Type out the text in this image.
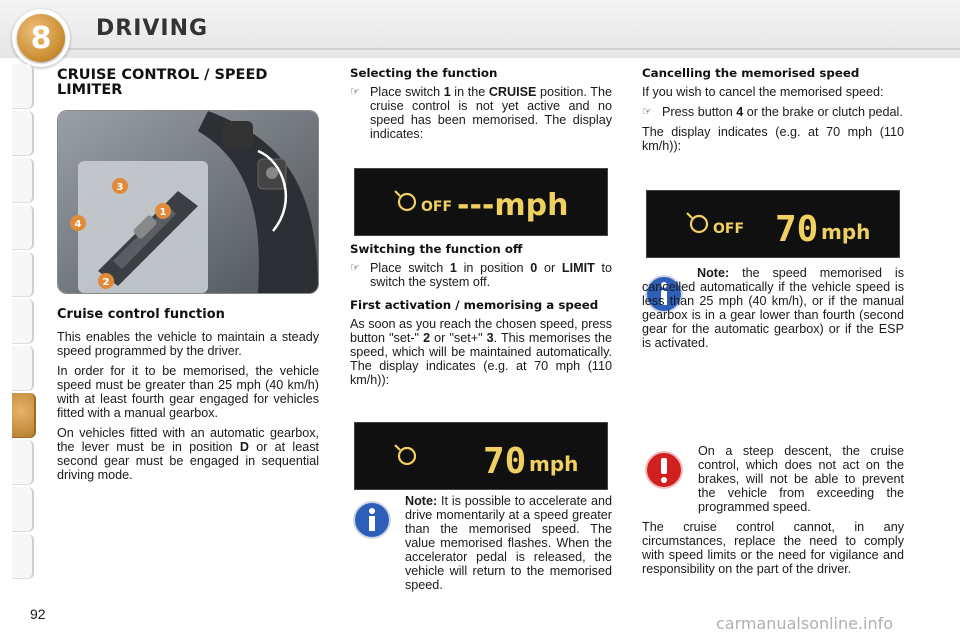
8	DRIVING
CRUISE CONTROL / SPEED LIMITER
3
1
4
2
Cruise control function

This enables the vehicle to maintain a steady speed programmed by the driver.

In order for it to be memorised, the vehicle speed must be greater than 25 mph (40 km/h) with at least fourth gear engaged for vehicles fitted with a manual gearbox.

On vehicles fitted with an automatic gearbox, the lever must be in position D or at least second gear must be engaged in sequential driving mode.

Selecting the function
☞ Place switch 1 in the CRUISE position. The cruise control is not yet active and no speed has been memorised. The display indicates:
OFF ---mph
Switching the function off
☞ Place switch 1 in position 0 or LIMIT to switch the system off.
First activation / memorising a speed

As soon as you reach the chosen speed, press button "set-" 2 or "set+" 3. This memorises the speed, which will be maintained automatically. The display indicates (e.g. at 70 mph (110 km/h)):

70 mph

Note: It is possible to accelerate and drive momentarily at a speed greater than the memorised speed. The value memorised flashes. When the accelerator pedal is released, the vehicle will return to the memorised speed.

Cancelling the memorised speed

If you wish to cancel the memorised speed:

☞ Press button 4 or the brake or clutch pedal.

The display indicates (e.g. at 70 mph (110 km/h)):

OFF 70 mph

Note: the speed memorised is cancelled automatically if the vehicle speed is less than 25 mph (40 km/h), or if the manual gearbox is in a gear lower than fourth (second gear for the automatic gearbox) or if the ESP is activated.

On a steep descent, the cruise control, which does not act on the brakes, will not be able to prevent the vehicle from exceeding the programmed speed.

The cruise control cannot, in any circumstances, replace the need to comply with speed limits or the need for vigilance and responsibility on the part of the driver.

92	carmanualsonline.info
